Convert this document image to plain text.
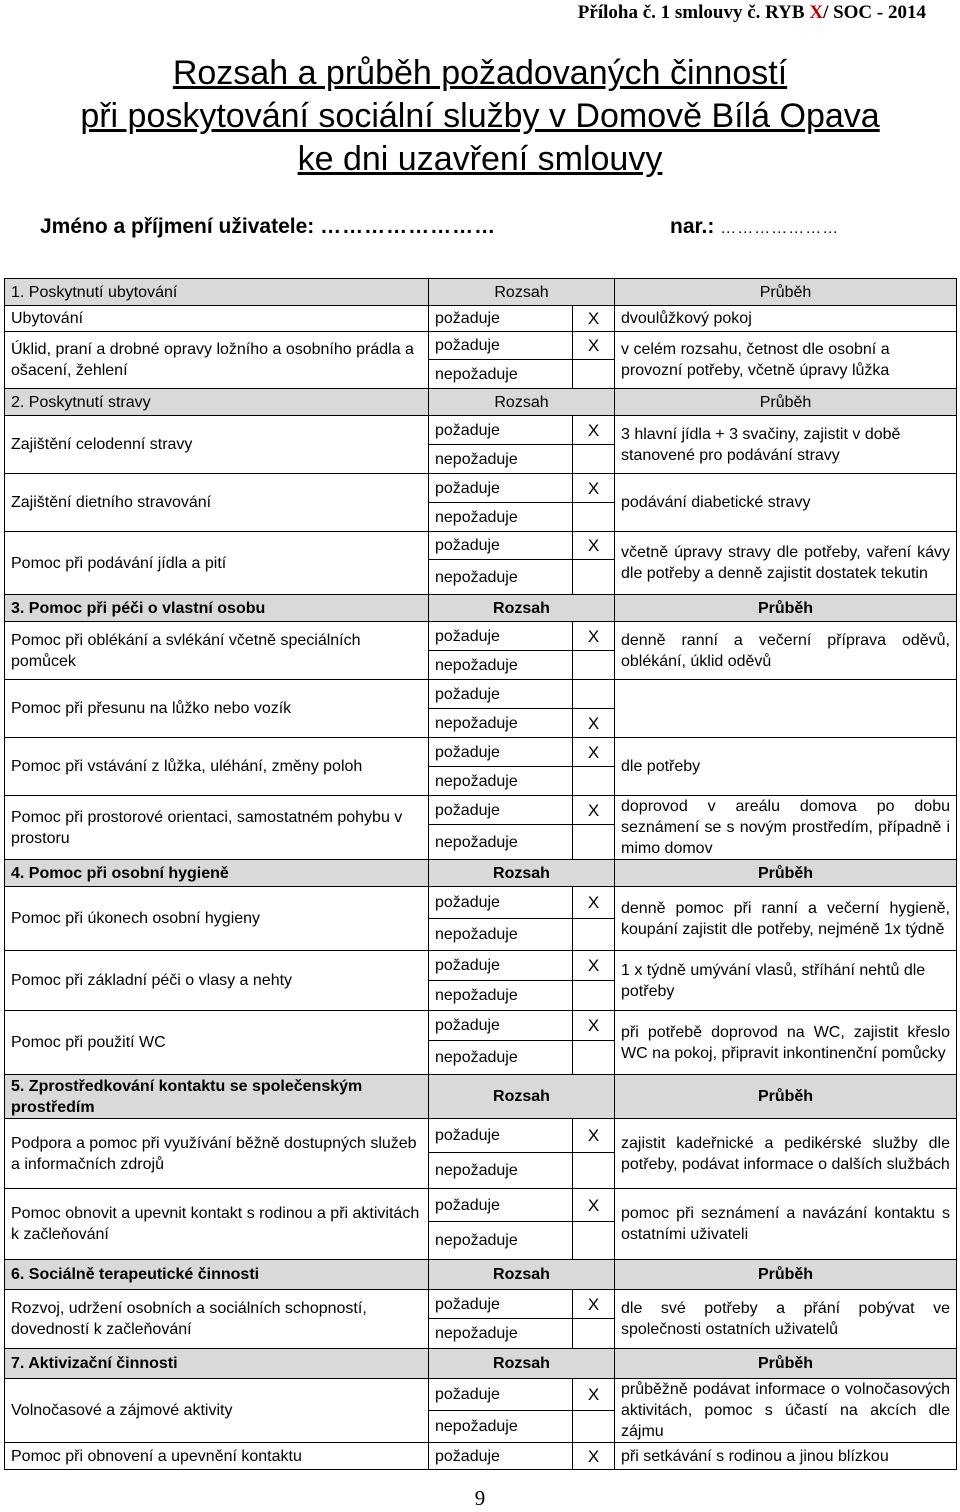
Příloha č. 1 smlouvy č. RYB X/ SOC - 2014
Rozsah a průběh požadovaných činností
při poskytování sociální služby v Domově Bílá Opava
ke dni uzavření smlouvy
Jméno a příjmení uživatele: ……………………	nar.: …………………
1. Poskytnutí ubytování	Rozsah		Průběh
Ubytování	požaduje	X	dvoulůžkový pokoj
Úklid, praní a drobné opravy ložního a osobního prádla a ošacení, žehlení	požaduje	X	v celém rozsahu, četnost dle osobní a provozní potřeby, včetně úpravy lůžka
	nepožaduje		
2. Poskytnutí stravy	Rozsah		Průběh
Zajištění celodenní stravy	požaduje	X	3 hlavní jídla + 3 svačiny, zajistit v době stanovené pro podávání stravy
	nepožaduje		
Zajištění dietního stravování	požaduje	X	podávání diabetické stravy
	nepožaduje		
Pomoc při podávání jídla a pití	požaduje	X	včetně úpravy stravy dle potřeby, vaření kávy dle potřeby a denně zajistit dostatek tekutin
	nepožaduje		
3. Pomoc při péči o vlastní osobu	Rozsah		Průběh
Pomoc při oblékání a svlékání včetně speciálních pomůcek	požaduje	X	denně ranní a večerní příprava oděvů, oblékání, úklid oděvů
	nepožaduje		
Pomoc při přesunu na lůžko nebo vozík	požaduje		
	nepožaduje	X	
Pomoc při vstávání z lůžka, uléhání, změny poloh	požaduje	X	dle potřeby
	nepožaduje		
Pomoc při prostorové orientaci, samostatném pohybu v prostoru	požaduje	X	doprovod v areálu domova po dobu seznámení se s novým prostředím, případně i mimo domov
	nepožaduje		
4. Pomoc při osobní hygieně	Rozsah		Průběh
Pomoc při úkonech osobní hygieny	požaduje	X	denně pomoc při ranní a večerní hygieně, koupání zajistit dle potřeby, nejméně 1x týdně
	nepožaduje		
Pomoc při základní péči o vlasy a nehty	požaduje	X	1 x týdně umývání vlasů, stříhání nehtů dle potřeby
	nepožaduje		
Pomoc při použití WC	požaduje	X	při potřebě doprovod na WC, zajistit křeslo WC na pokoj, připravit inkontinenční pomůcky
	nepožaduje		
5. Zprostředkování kontaktu se společenským prostředím	Rozsah		Průběh
Podpora a pomoc při využívání běžně dostupných služeb a informačních zdrojů	požaduje	X	zajistit kadeřnické a pedikérské služby dle potřeby, podávat informace o dalších službách
	nepožaduje		
Pomoc obnovit a upevnit kontakt s rodinou a při aktivitách k začleňování	požaduje	X	pomoc při seznámení a navázání kontaktu s ostatními uživateli
	nepožaduje		
6. Sociálně terapeutické činnosti	Rozsah		Průběh
Rozvoj, udržení osobních a sociálních schopností, dovedností k začleňování	požaduje	X	dle své potřeby a přání pobývat ve společnosti ostatních uživatelů
	nepožaduje		
7. Aktivizační činnosti	Rozsah		Průběh
Volnočasové a zájmové aktivity	požaduje	X	průběžně podávat informace o volnočasových aktivitách, pomoc s účastí na akcích dle zájmu
	nepožaduje		
Pomoc při obnovení a upevnění kontaktu	požaduje	X	při setkávání s rodinou a jinou blízkou
9
